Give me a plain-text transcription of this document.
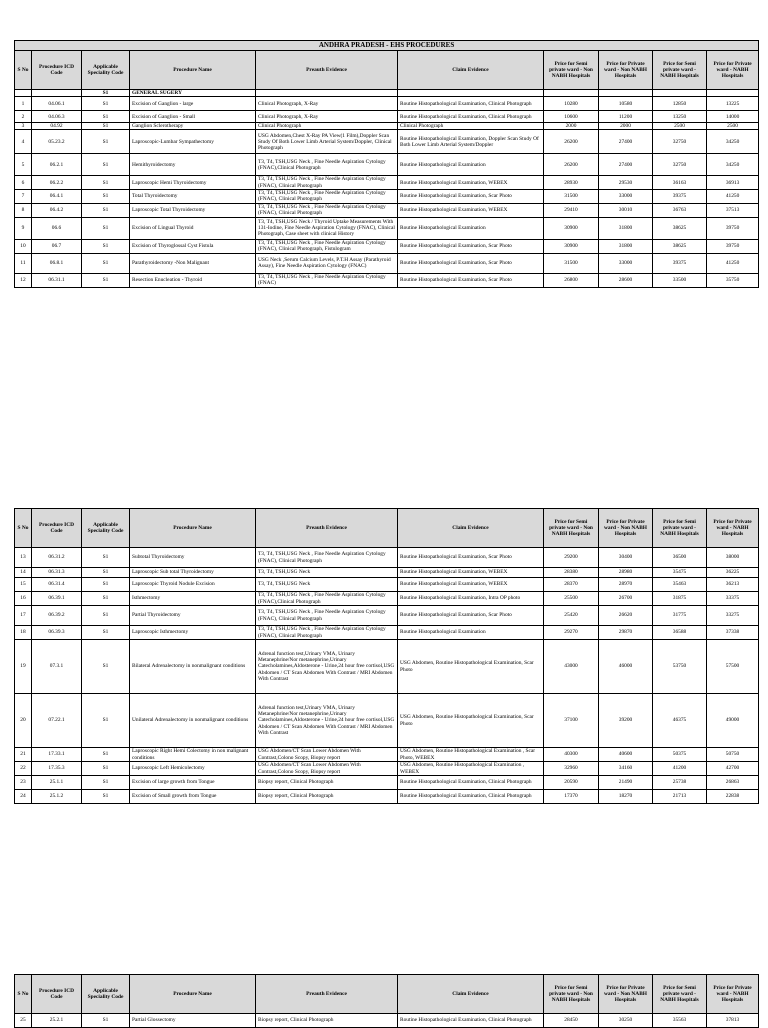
ANDHRA PRADESH - EHS PROCEDURES									
S No	Procedure ICD Code	Applicable Speciality Code	Procedure Name	Preauth Evidence	Claim Evidence	Price for Semi private ward - Non NABH Hospitals	Price for Private ward - Non NABH Hospitals	Price for Semi private ward - NABH Hospitals	Price for Private ward - NABH Hospitals
		S1	GENERAL SUGERY						
1	04.06.1	S1	Excision of Ganglion - large	Clinical Photograph, X-Ray	Routine Histopathological Examination, Clinical Photograph	10280	10580	12850	13225
2	04.06.3	S1	Excision of Ganglion - Small	Clinical Photograph, X-Ray	Routine Histopathological Examination, Clinical Photograph	10600	11200	13250	14000
3	04.92	S1	Ganglion Sclerotherapy	Clinical Photograph	Clinical Photograph	2000	2000	2500	2500
4	05.23.2	S1	Laproscopic-Lumbar Sympathectomy	USG Abdomen,Chest X-Ray PA View(1 Film),Doppler Scan Study Of Both Lower Limb Arterial System/Doppler, Clinical Photograph	Routine Histopathological Examination, Doppler Scan Study Of Both Lower Limb Arterial System/Doppler	26200	27400	32750	34250
5	06.2.1	S1	Hemithyroidectomy	T3, T4, TSH,USG Neck , Fine Needle Aspiration Cytology (FNAC),Clinical Photograph	Routine Histopathological Examination	26200	27400	32750	34250
6	06.2.2	S1	Laproscopic Hemi Thyroidectomy	T3, T4, TSH,USG Neck , Fine Needle Aspiration Cytology (FNAC), Clinical Photograph	Routine Histopathological Examination, WEBEX	28930	29530	36163	36913
7	06.4.1	S1	Total Thyroidectomy	T3, T4, TSH,USG Neck , Fine Needle Aspiration Cytology (FNAC), Clinical Photograph	Routine Histopathological Examination, Scar Photo	31500	33000	39375	41250
8	06.4.2	S1	Laproscopic Total Thyroidectomy	T3, T4, TSH,USG Neck , Fine Needle Aspiration Cytology (FNAC), Clinical Photograph	Routine Histopathological Examination, WEBEX	29410	30010	36763	37513
9	06.6	S1	Excision of Lingual Thyroid	T3, T4, TSH,USG Neck / Thyroid Uptake Measurements With 131-Iodine, Fine Needle Aspiration Cytology (FNAC), Clinical Photograph, Case sheet with clinical History	Routine Histopathological Examination	30900	31800	38625	39750
10	06.7	S1	Excision of Thyroglossal Cyst Fistula	T3, T4, TSH,USG Neck , Fine Needle Aspiration Cytology (FNAC), Clinical Photograph, Fistulogram	Routine Histopathological Examination, Scar Photo	30900	31800	38625	39750
11	06.8.1	S1	Parathyroidectomy -Non Malignant	USG Neck ,Serum Calcium Levels, P.T.H Assay (Parathyroid Assay), Fine Needle Aspiration Cytology (FNAC)	Routine Histopathological Examination, Scar Photo	31500	33000	39375	41250
12	06.31.1	S1	Resection Enucleation - Thyroid	T3, T4, TSH,USG Neck , Fine Needle Aspiration Cytology (FNAC)	Routine Histopathological Examination, Scar Photo	26800	28600	33500	35750
S No	Procedure ICD Code	Applicable Speciality Code	Procedure Name	Preauth Evidence	Claim Evidence	Price for Semi private ward - Non NABH Hospitals	Price for Private ward - Non NABH Hospitals	Price for Semi private ward - NABH Hospitals	Price for Private ward - NABH Hospitals
13	06.31.2	S1	Subtotal Thyroidectomy	T3, T4, TSH,USG Neck , Fine Needle Aspiration Cytology (FNAC), Clinical Photograph	Routine Histopathological Examination, Scar Photo	29200	30400	36500	38000
14	06.31.3	S1	Laproscopic Sub total Thyroidectomy	T3, T4, TSH,USG Neck	Routine Histopathological Examination, WEBEX	28380	28980	35475	36225
15	06.31.4	S1	Laproscopic Thyroid Nodule Excision	T3, T4, TSH,USG Neck	Routine Histopathological Examination, WEBEX	28370	28970	35463	36213
16	06.39.1	S1	Isthmectomy	T3, T4, TSH,USG Neck , Fine Needle Aspiration Cytology (FNAC),Clinical Photograph	Routine Histopathological Examination, Intra OP photo	25500	26700	31875	33375
17	06.39.2	S1	Partial Thyroidectomy	T3, T4, TSH,USG Neck , Fine Needle Aspiration Cytology (FNAC), Clinical Photograph	Routine Histopathological Examination, Scar Photo	25420	26620	31775	33275
18	06.39.3	S1	Laproscopic Isthmectomy	T3, T4, TSH,USG Neck , Fine Needle Aspiration Cytology (FNAC), Clinical Photograph	Routine Histopathological Examination	29270	29870	36588	37338
19	07.3.1	S1	Bilateral Adrenalectomy in nonmalignant conditions	Adrenal function test,Urinary VMA, Urinary Metanephrine/Nor metanephrine,Urinary Catecholamines,Aldosterone - Urine,24 hour free cortisol,USG Abdomen / CT Scan Abdomen With Contrast / MRI Abdomen With Contrast	USG Abdomen, Routine Histopathological Examination, Scar Photo	43000	46000	53750	57500
20	07.22.1	S1	Unilateral Adrenalectomy in nonmalignant conditions	Adrenal function test,Urinary VMA, Urinary Metanephrine/Nor metanephrine,Urinary Catecholamines,Aldosterone - Urine,24 hour free cortisol,USG Abdomen / CT Scan Abdomen With Contrast / MRI Abdomen With Contrast	USG Abdomen, Routine Histopathological Examination, Scar Photo	37100	39200	46375	49000
21	17.33.1	S1	Laproscopic Right Hemi Colectomy in non malignant conditions	USG Abdomen/CT Scan Lower Abdomen With Contrast,Colono Scopy, Biopsy report	USG Abdomen, Routine Histopathological Examination , Scar Photo, WEBEX	40300	40600	50375	50750
22	17.35.3	S1	Laproscopic Left Hemicolectomy	USG Abdomen/CT Scan Lower Abdomen With Contrast,Colono Scopy, Biopsy report	USG Abdomen, Routine Histopathological Examination , WEBEX	32960	34160	41200	42700
23	25.1.1	S1	Excision of large growth from Tongue	Biopsy report, Clinical Photograph	Routine Histopathological Examination, Clinical Photograph	20590	21490	25738	26863
24	25.1.2	S1	Excision of Small growth from Tongue	Biopsy report, Clinical Photograph	Routine Histopathological Examination, Clinical Photograph	17370	18270	21713	22838
S No	Procedure ICD Code	Applicable Speciality Code	Procedure Name	Preauth Evidence	Claim Evidence	Price for Semi private ward - Non NABH Hospitals	Price for Private ward - Non NABH Hospitals	Price for Semi private ward - NABH Hospitals	Price for Private ward - NABH Hospitals
25	25.2.1	S1	Partial Glossectomy	Biopsy report, Clinical Photograph	Routine Histopathological Examination, Clinical Photograph	28450	30250	35563	37813
